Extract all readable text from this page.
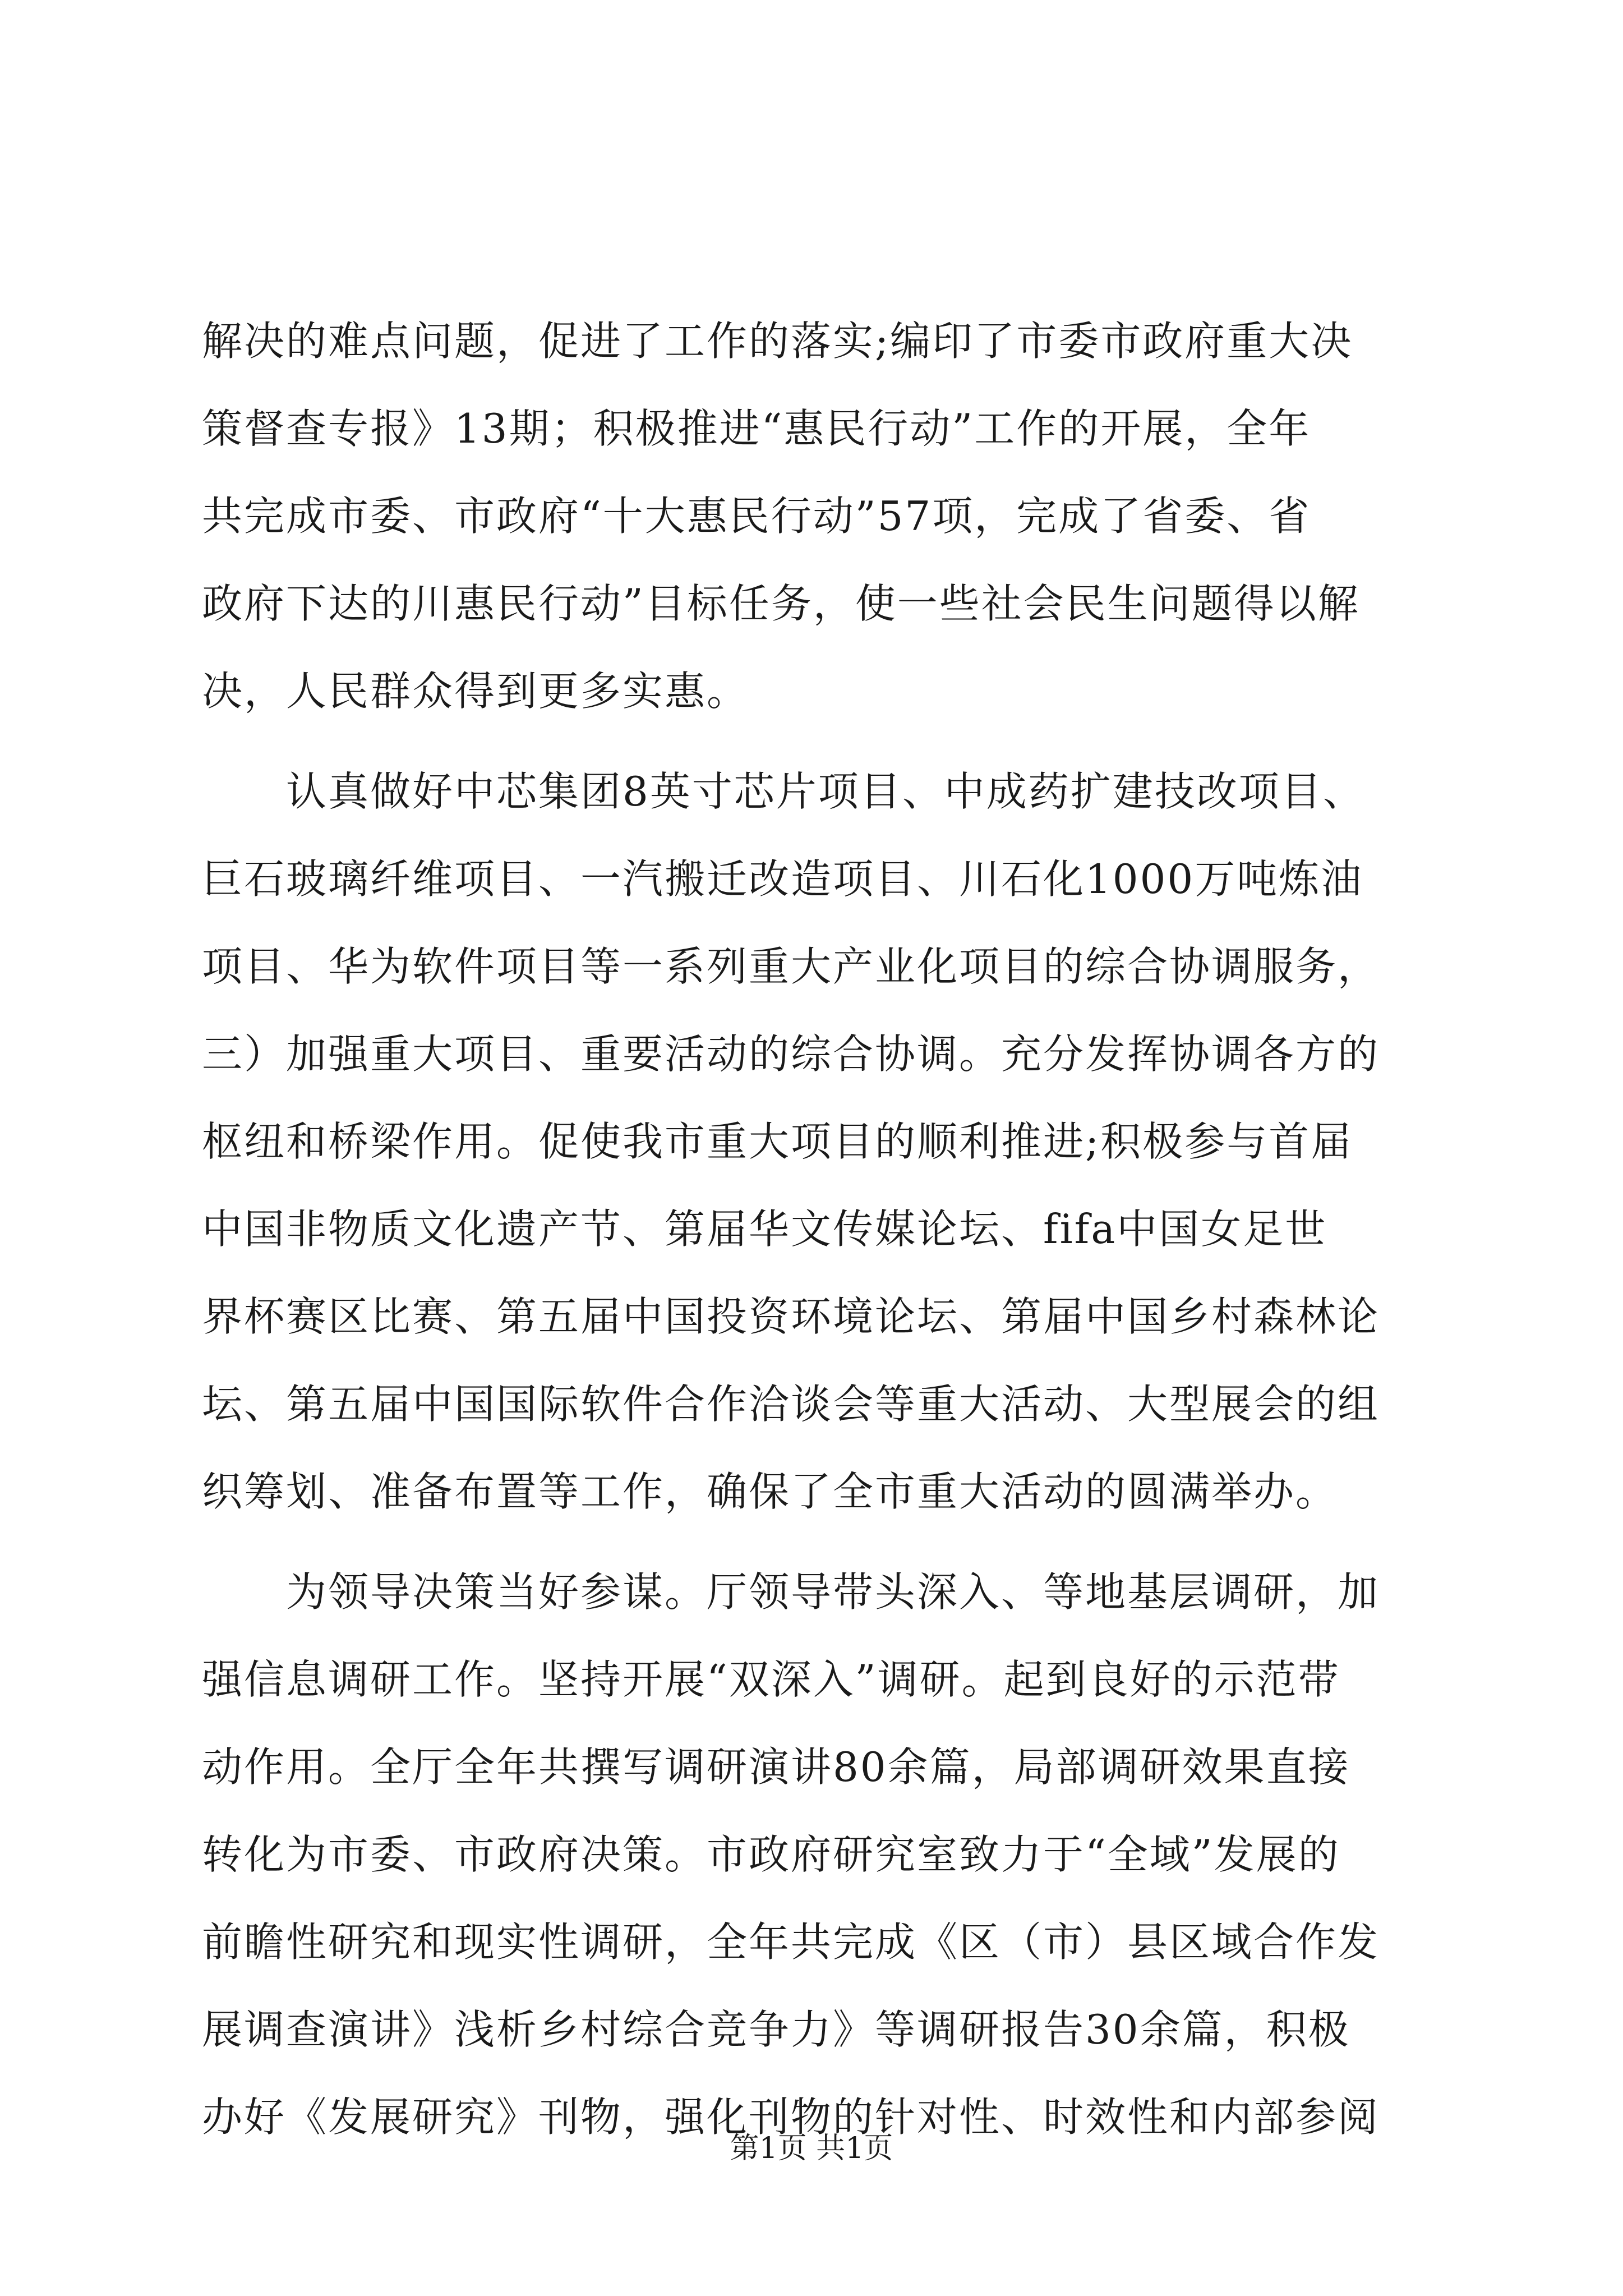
解决的难点问题，促进了工作的落实;编印了市委市政府重大决
策督查专报》13期；积极推进“惠民行动”工作的开展，全年
共完成市委、市政府“十大惠民行动”57项，完成了省委、省
政府下达的川惠民行动”目标任务，使一些社会民生问题得以解
决，人民群众得到更多实惠。
认真做好中芯集团8英寸芯片项目、中成药扩建技改项目、
巨石玻璃纤维项目、一汽搬迁改造项目、川石化1000万吨炼油
项目、华为软件项目等一系列重大产业化项目的综合协调服务，
三）加强重大项目、重要活动的综合协调。充分发挥协调各方的
枢纽和桥梁作用。促使我市重大项目的顺利推进;积极参与首届
中国非物质文化遗产节、第届华文传媒论坛、fifa中国女足世
界杯赛区比赛、第五届中国投资环境论坛、第届中国乡村森林论
坛、第五届中国国际软件合作洽谈会等重大活动、大型展会的组
织筹划、准备布置等工作，确保了全市重大活动的圆满举办。
为领导决策当好参谋。厅领导带头深入、等地基层调研，加
强信息调研工作。坚持开展“双深入”调研。起到良好的示范带
动作用。全厅全年共撰写调研演讲80余篇，局部调研效果直接
转化为市委、市政府决策。市政府研究室致力于“全域”发展的
前瞻性研究和现实性调研，全年共完成《区（市）县区域合作发
展调查演讲》浅析乡村综合竞争力》等调研报告30余篇，积极
办好《发展研究》刊物，强化刊物的针对性、时效性和内部参阅
第1页 共1页
